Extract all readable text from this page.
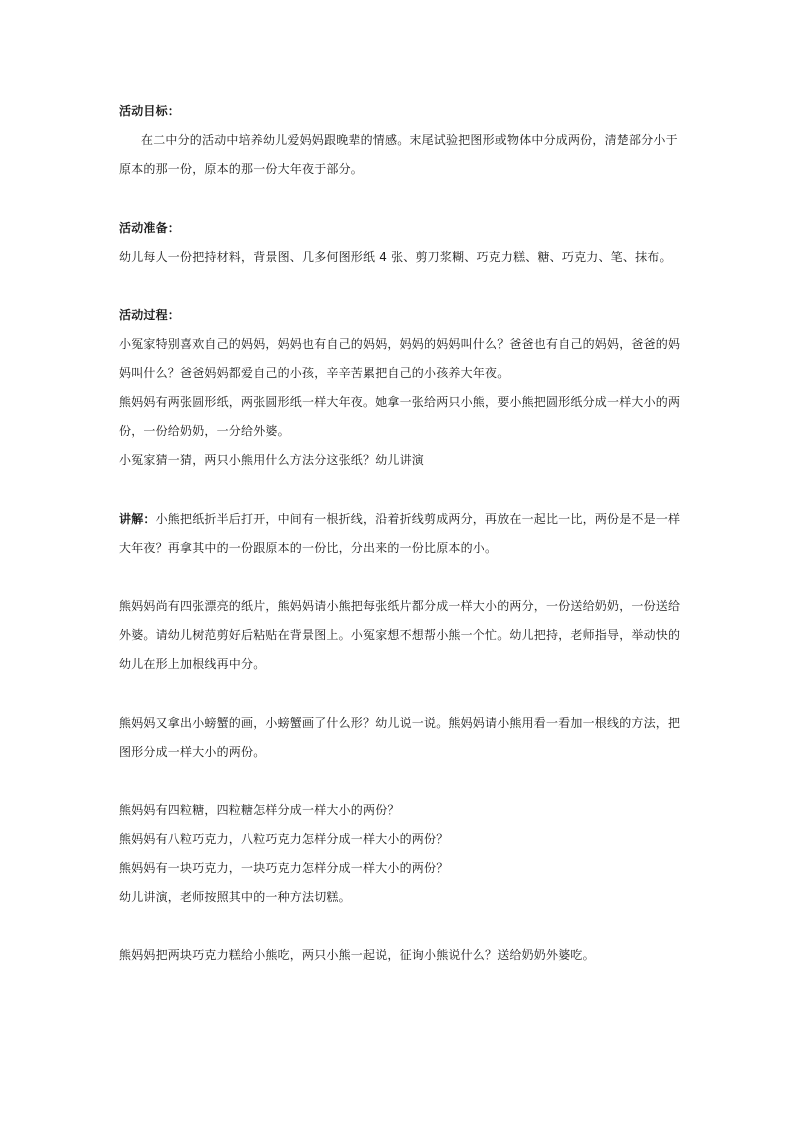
活动目标：
在二中分的活动中培养幼儿爱妈妈跟晚辈的情感。末尾试验把图形或物体中分成两份，清楚部分小于
原本的那一份，原本的那一份大年夜于部分。
活动准备：
幼儿每人一份把持材料，背景图、几多何图形纸 4 张、剪刀浆糊、巧克力糕、糖、巧克力、笔、抹布。
活动过程：
小冤家特别喜欢自己的妈妈，妈妈也有自己的妈妈，妈妈的妈妈叫什么？爸爸也有自己的妈妈，爸爸的妈
妈叫什么？爸爸妈妈都爱自己的小孩，辛辛苦累把自己的小孩养大年夜。
熊妈妈有两张圆形纸，两张圆形纸一样大年夜。她拿一张给两只小熊，要小熊把圆形纸分成一样大小的两
份，一份给奶奶，一分给外婆。
小冤家猜一猜，两只小熊用什么方法分这张纸？幼儿讲演
讲解：小熊把纸折半后打开，中间有一根折线，沿着折线剪成两分，再放在一起比一比，两份是不是一样
大年夜？再拿其中的一份跟原本的一份比，分出来的一份比原本的小。
熊妈妈尚有四张漂亮的纸片，熊妈妈请小熊把每张纸片都分成一样大小的两分，一份送给奶奶，一份送给
外婆。请幼儿树范剪好后粘贴在背景图上。小冤家想不想帮小熊一个忙。幼儿把持，老师指导，举动快的
幼儿在形上加根线再中分。
熊妈妈又拿出小螃蟹的画，小螃蟹画了什么形？幼儿说一说。熊妈妈请小熊用看一看加一根线的方法，把
图形分成一样大小的两份。
熊妈妈有四粒糖，四粒糖怎样分成一样大小的两份？
熊妈妈有八粒巧克力，八粒巧克力怎样分成一样大小的两份？
熊妈妈有一块巧克力，一块巧克力怎样分成一样大小的两份？
幼儿讲演，老师按照其中的一种方法切糕。
熊妈妈把两块巧克力糕给小熊吃，两只小熊一起说，征询小熊说什么？送给奶奶外婆吃。
